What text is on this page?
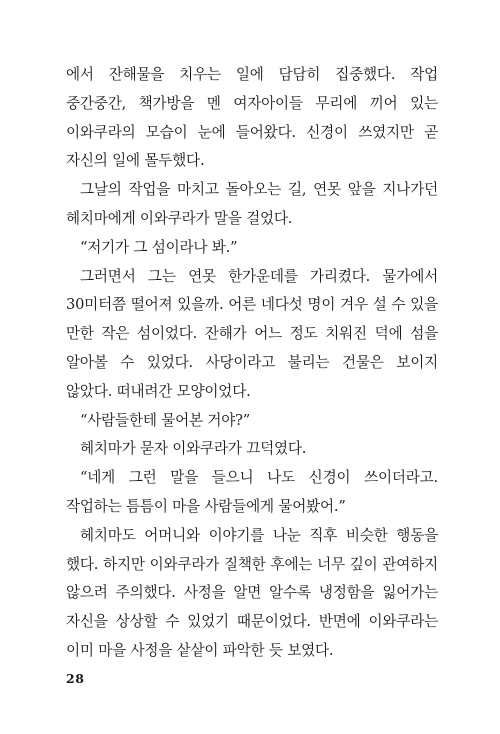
에서 잔해물을 치우는 일에 담담히 집중했다. 작업 중간중간, 책가방을 멘 여자아이들 무리에 끼어 있는 이와쿠라의 모습이 눈에 들어왔다. 신경이 쓰였지만 곧 자신의 일에 몰두했다.

그날의 작업을 마치고 돌아오는 길, 연못 앞을 지나가던 헤치마에게 이와쿠라가 말을 걸었다.

“저기가 그 섬이라나 봐.”

그러면서 그는 연못 한가운데를 가리켰다. 물가에서 30미터쯤 떨어져 있을까. 어른 네다섯 명이 겨우 설 수 있을 만한 작은 섬이었다. 잔해가 어느 정도 치워진 덕에 섬을 알아볼 수 있었다. 사당이라고 불리는 건물은 보이지 않았다. 떠내려간 모양이었다.

“사람들한테 물어본 거야?”

헤치마가 묻자 이와쿠라가 끄덕였다.

“네게 그런 말을 들으니 나도 신경이 쓰이더라고. 작업하는 틈틈이 마을 사람들에게 물어봤어.”

헤치마도 어머니와 이야기를 나눈 직후 비슷한 행동을 했다. 하지만 이와쿠라가 질책한 후에는 너무 깊이 관여하지 않으려 주의했다. 사정을 알면 알수록 냉정함을 잃어가는 자신을 상상할 수 있었기 때문이었다. 반면에 이와쿠라는 이미 마을 사정을 샅샅이 파악한 듯 보였다.

28
